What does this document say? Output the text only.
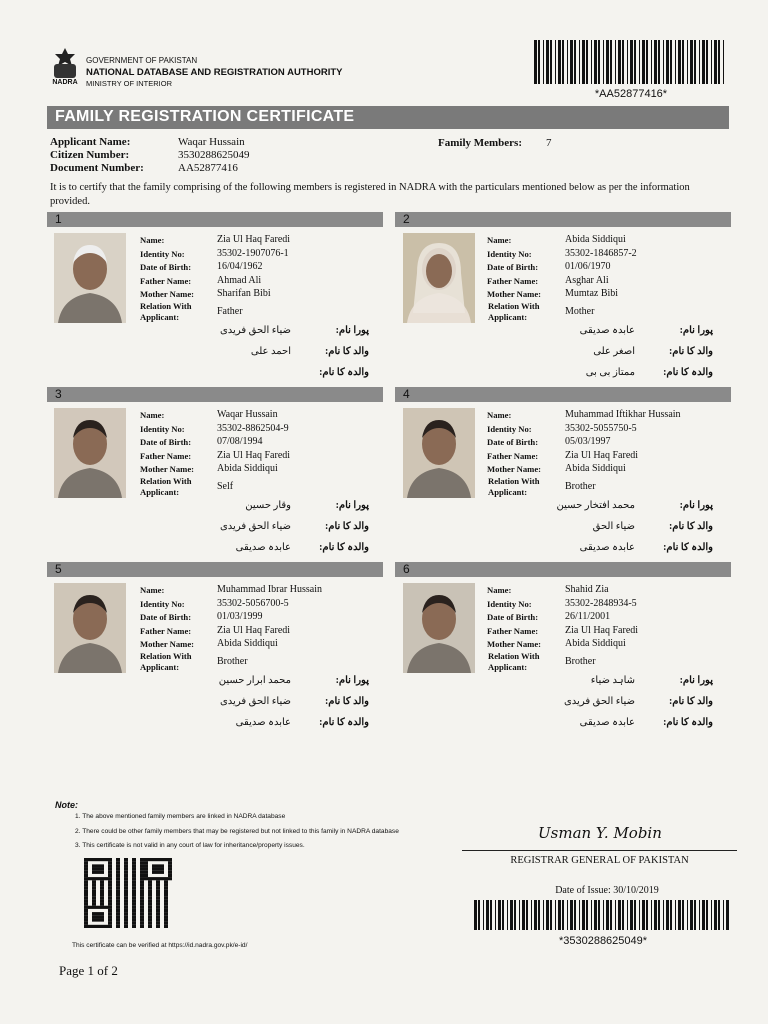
NADRA
GOVERNMENT OF PAKISTAN
NATIONAL DATABASE AND REGISTRATION AUTHORITY
MINISTRY OF INTERIOR
*AA52877416*
FAMILY REGISTRATION CERTIFICATE
Applicant Name:	Waqar Hussain
Citizen Number:	3530288625049
Document Number:	AA52877416
Family Members: 7
It is to certify that the family comprising of the following members is registered in NADRA with the particulars mentioned below as per the information provided.
1
Name:	Zia Ul Haq Faredi
Identity No:	35302-1907076-1
Date of Birth:	16/04/1962
Father Name:	Ahmad Ali
Mother Name: Sharifan Bibi
Relation With
Applicant:	Father
پورا نام:
ضیاء الحق فریدی
والد کا نام:
احمد علی
والدہ کا نام:
2
Name:	Abida Siddiqui
Identity No:	35302-1846857-2
Date of Birth:	01/06/1970
Father Name:	Asghar Ali
Mother Name: Mumtaz Bibi
Relation With
Applicant:	Mother
پورا نام:
عابدہ صدیقی
والد کا نام:
اصغر علی
والدہ کا نام:
ممتاز بی بی
3
Name:	Waqar Hussain
Identity No:	35302-8862504-9
Date of Birth:	07/08/1994
Father Name:	Zia Ul Haq Faredi
Mother Name: Abida Siddiqui
Relation With
Applicant:	Self
پورا نام:
وقار حسین
والد کا نام:
ضیاء الحق فریدی
والدہ کا نام:
عابدہ صدیقی
4
Name:	Muhammad Iftikhar Hussain
Identity No:	35302-5055750-5
Date of Birth:	05/03/1997
Father Name:	Zia Ul Haq Faredi
Mother Name: Abida Siddiqui
Relation With
Applicant:	Brother
پورا نام:
محمد افتخار حسین
والد کا نام:
ضیاء الحق
والدہ کا نام:
عابدہ صدیقی
5
Name:	Muhammad Ibrar Hussain
Identity No:	35302-5056700-5
Date of Birth:	01/03/1999
Father Name:	Zia Ul Haq Faredi
Mother Name: Abida Siddiqui
Relation With
Applicant:	Brother
پورا نام:
محمد ابرار حسین
والد کا نام:
ضیاء الحق فریدی
والدہ کا نام:
عابدہ صدیقی
6
Name:	Shahid Zia
Identity No:	35302-2848934-5
Date of Birth:	26/11/2001
Father Name:	Zia Ul Haq Faredi
Mother Name: Abida Siddiqui
Relation With
Applicant:	Brother
پورا نام:
شاہد ضیاء
والد کا نام:
ضیاء الحق فریدی
والدہ کا نام:
عابدہ صدیقی
Note:
1. The above mentioned family members are linked in NADRA database
2. There could be other family members that may be registered but not linked to this family in NADRA database
3. This certificate is not valid in any court of law for inheritance/property issues.
This certificate can be verified at https://id.nadra.gov.pk/e-id/
Usman Y. Mobin
REGISTRAR GENERAL OF PAKISTAN
Date of Issue: 30/10/2019
*3530288625049*
Page 1 of 2
